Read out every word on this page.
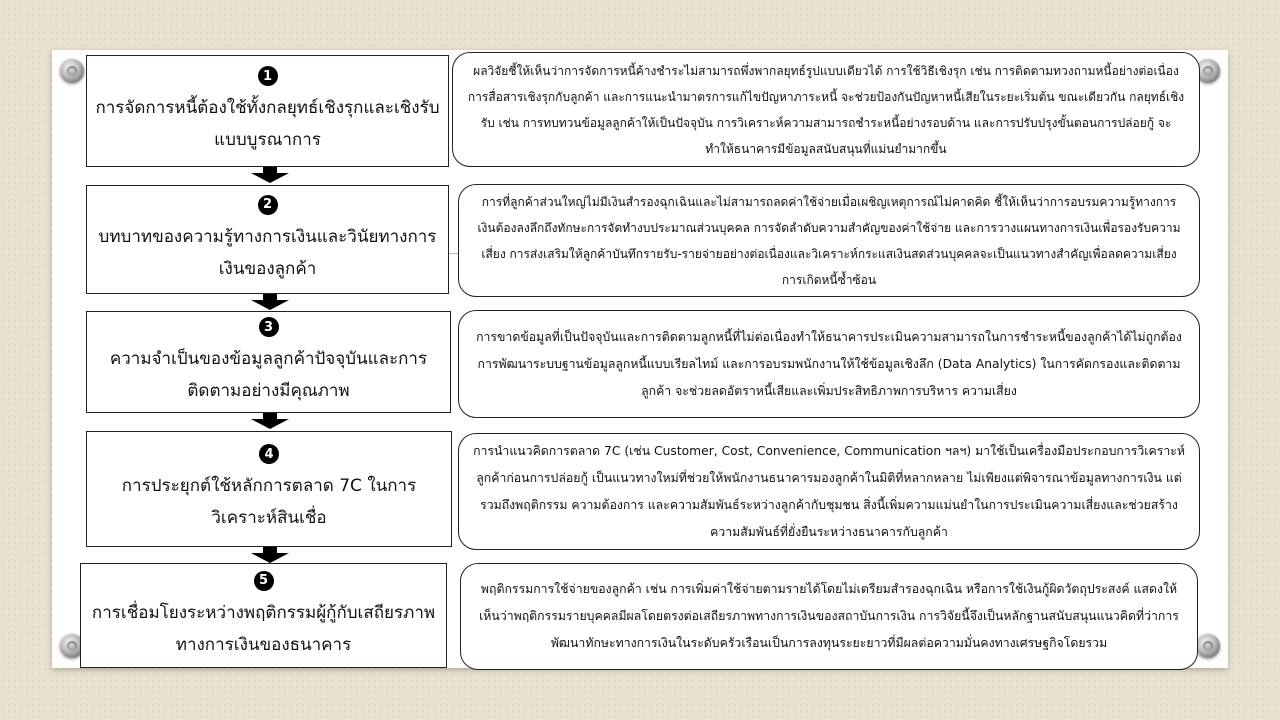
1
การจัดการหนี้ต้องใช้ทั้งกลยุทธ์เชิงรุกและเชิงรับแบบบูรณาการ
ผลวิจัยชี้ให้เห็นว่าการจัดการหนี้ค้างชำระไม่สามารถพึ่งพากลยุทธ์รูปแบบเดียวได้ การใช้วิธีเชิงรุก เช่น การติดตามทวงถามหนี้อย่างต่อเนื่อง การสื่อสารเชิงรุกกับลูกค้า และการแนะนำมาตรการแก้ไขปัญหาภาระหนี้ จะช่วยป้องกันปัญหาหนี้เสียในระยะเริ่มต้น ขณะเดียวกัน กลยุทธ์เชิงรับ เช่น การทบทวนข้อมูลลูกค้าให้เป็นปัจจุบัน การวิเคราะห์ความสามารถชำระหนี้อย่างรอบด้าน และการปรับปรุงขั้นตอนการปล่อยกู้ จะทำให้ธนาคารมีข้อมูลสนับสนุนที่แม่นยำมากขึ้น
2
บทบาทของความรู้ทางการเงินและวินัยทางการเงินของลูกค้า
การที่ลูกค้าส่วนใหญ่ไม่มีเงินสำรองฉุกเฉินและไม่สามารถลดค่าใช้จ่ายเมื่อเผชิญเหตุการณ์ไม่คาดคิด ชี้ให้เห็นว่าการอบรมความรู้ทางการเงินต้องลงลึกถึงทักษะการจัดทำงบประมาณส่วนบุคคล การจัดลำดับความสำคัญของค่าใช้จ่าย และการวางแผนทางการเงินเพื่อรองรับความเสี่ยง การส่งเสริมให้ลูกค้าบันทึกรายรับ-รายจ่ายอย่างต่อเนื่องและวิเคราะห์กระแสเงินสดส่วนบุคคลจะเป็นแนวทางสำคัญเพื่อลดความเสี่ยงการเกิดหนี้ซ้ำซ้อน
3
ความจำเป็นของข้อมูลลูกค้าปัจจุบันและการติดตามอย่างมีคุณภาพ
การขาดข้อมูลที่เป็นปัจจุบันและการติดตามลูกหนี้ที่ไม่ต่อเนื่องทำให้ธนาคารประเมินความสามารถในการชำระหนี้ของลูกค้าได้ไม่ถูกต้อง การพัฒนาระบบฐานข้อมูลลูกหนี้แบบเรียลไทม์ และการอบรมพนักงานให้ใช้ข้อมูลเชิงลึก (Data Analytics) ในการคัดกรองและติดตามลูกค้า จะช่วยลดอัตราหนี้เสียและเพิ่มประสิทธิภาพการบริหาร ความเสี่ยง
4
การประยุกต์ใช้หลักการตลาด 7C ในการวิเคราะห์สินเชื่อ
การนำแนวคิดการตลาด 7C (เช่น Customer, Cost, Convenience, Communication ฯลฯ) มาใช้เป็นเครื่องมือประกอบการวิเคราะห์ลูกค้าก่อนการปล่อยกู้ เป็นแนวทางใหม่ที่ช่วยให้พนักงานธนาคารมองลูกค้าในมิติที่หลากหลาย ไม่เพียงแต่พิจารณาข้อมูลทางการเงิน แต่รวมถึงพฤติกรรม ความต้องการ และความสัมพันธ์ระหว่างลูกค้ากับชุมชน สิ่งนี้เพิ่มความแม่นยำในการประเมินความเสี่ยงและช่วยสร้างความสัมพันธ์ที่ยั่งยืนระหว่างธนาคารกับลูกค้า
5
การเชื่อมโยงระหว่างพฤติกรรมผู้กู้กับเสถียรภาพทางการเงินของธนาคาร
พฤติกรรมการใช้จ่ายของลูกค้า เช่น การเพิ่มค่าใช้จ่ายตามรายได้โดยไม่เตรียมสำรองฉุกเฉิน หรือการใช้เงินกู้ผิดวัตถุประสงค์ แสดงให้เห็นว่าพฤติกรรมรายบุคคลมีผลโดยตรงต่อเสถียรภาพทางการเงินของสถาบันการเงิน การวิจัยนี้จึงเป็นหลักฐานสนับสนุนแนวคิดที่ว่าการพัฒนาทักษะทางการเงินในระดับครัวเรือนเป็นการลงทุนระยะยาวที่มีผลต่อความมั่นคงทางเศรษฐกิจโดยรวม
